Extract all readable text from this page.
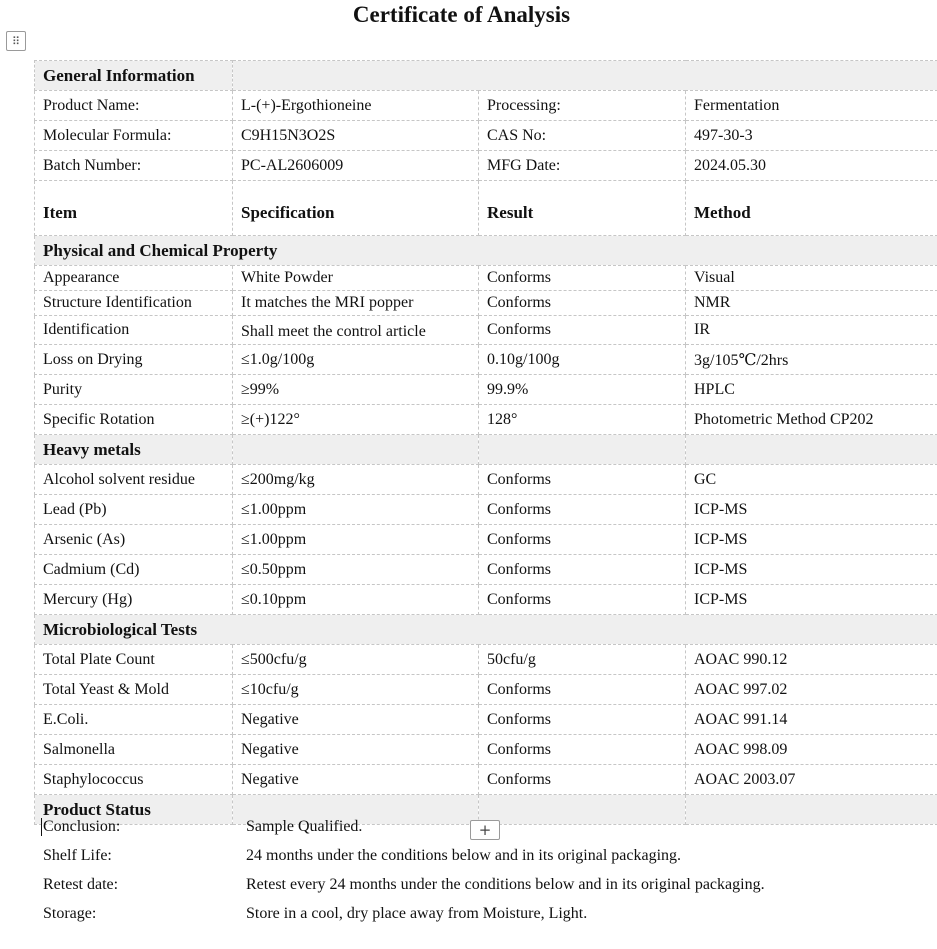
Certificate of Analysis
⠿
General Information			
Product Name:	L-(+)-Ergothioneine	Processing:	Fermentation
Molecular Formula:	C9H15N3O2S	CAS No:	497-30-3
Batch Number:	PC-AL2606009	MFG Date:	2024.05.30
Item	Specification	Result	Method
Physical and Chemical Property			
Appearance	White Powder	Conforms	Visual
Structure Identification	It matches the MRI popper	Conforms	NMR
Identification	Shall meet the control article	Conforms	IR
Loss on Drying	≤1.0g/100g	0.10g/100g	3g/105℃/2hrs
Purity	≥99%	99.9%	HPLC
Specific Rotation	≥(+)122°	128°	Photometric Method CP202
Heavy metals			
Alcohol solvent residue	≤200mg/kg	Conforms	GC
Lead (Pb)	≤1.00ppm	Conforms	ICP-MS
Arsenic (As)	≤1.00ppm	Conforms	ICP-MS
Cadmium (Cd)	≤0.50ppm	Conforms	ICP-MS
Mercury (Hg)	≤0.10ppm	Conforms	ICP-MS
Microbiological Tests			
Total Plate Count	≤500cfu/g	50cfu/g	AOAC 990.12
Total Yeast & Mold	≤10cfu/g	Conforms	AOAC 997.02
E.Coli.	Negative	Conforms	AOAC 991.14
Salmonella	Negative	Conforms	AOAC 998.09
Staphylococcus	Negative	Conforms	AOAC 2003.07
Product Status			
Conclusion:	Sample Qualified.
Shelf Life:	24 months under the conditions below and in its original packaging.
Retest date:	Retest every 24 months under the conditions below and in its original packaging.
Storage:	Store in a cool, dry place away from Moisture, Light.
+
